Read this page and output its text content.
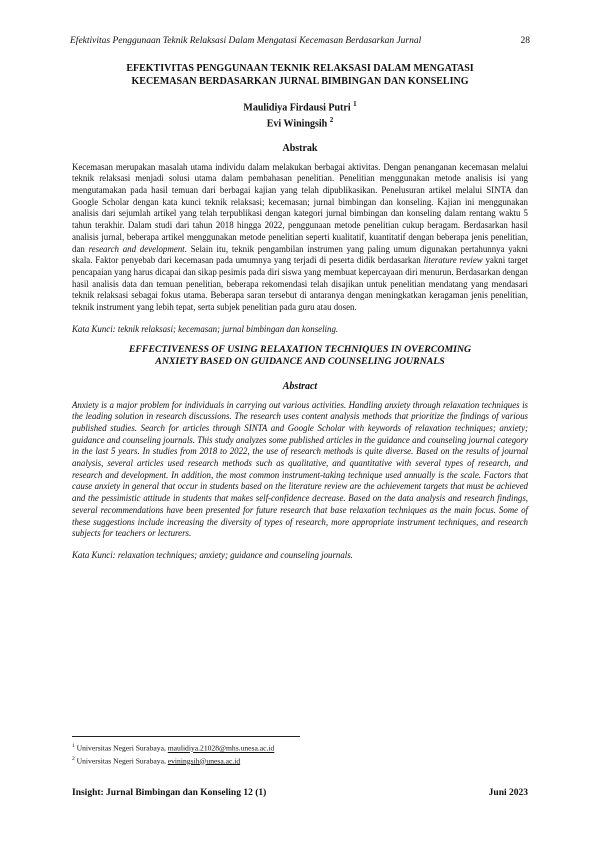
Efektivitas Penggunaan Teknik Relaksasi Dalam Mengatasi Kecemasan Berdasarkan Jurnal	28
EFEKTIVITAS PENGGUNAAN TEKNIK RELAKSASI DALAM MENGATASI
KECEMASAN BERDASARKAN JURNAL BIMBINGAN DAN KONSELING
Maulidiya Firdausi Putri $^1$
Evi Winingsih $^2$
Abstrak

Kecemasan merupakan masalah utama individu dalam melakukan berbagai aktivitas. Dengan penanganan kecemasan melalui teknik relaksasi menjadi solusi utama dalam pembahasan penelitian. Penelitian menggunakan metode analisis isi yang mengutamakan pada hasil temuan dari berbagai kajian yang telah dipublikasikan. Penelusuran artikel melalui SINTA dan Google Scholar dengan kata kunci teknik relaksasi; kecemasan; jurnal bimbingan dan konseling. Kajian ini menggunakan analisis dari sejumlah artikel yang telah terpublikasi dengan kategori jurnal bimbingan dan konseling dalam rentang waktu 5 tahun terakhir. Dalam studi dari tahun 2018 hingga 2022, penggunaan metode penelitian cukup beragam. Berdasarkan hasil analisis jurnal, beberapa artikel menggunakan metode penelitian seperti kualitatif, kuantitatif dengan beberapa jenis penelitian, dan research and development. Selain itu, teknik pengambilan instrumen yang paling umum digunakan pertahunnya yakni skala. Faktor penyebab dari kecemasan pada umumnya yang terjadi di peserta didik berdasarkan literature review yakni target pencapaian yang harus dicapai dan sikap pesimis pada diri siswa yang membuat kepercayaan diri menurun. Berdasarkan dengan hasil analisis data dan temuan penelitian, beberapa rekomendasi telah disajikan untuk penelitian mendatang yang mendasari teknik relaksasi sebagai fokus utama. Beberapa saran tersebut di antaranya dengan meningkatkan keragaman jenis penelitian, teknik instrument yang lebih tepat, serta subjek penelitian pada guru atau dosen.

Kata Kunci: teknik relaksasi; kecemasan; jurnal bimbingan dan konseling.

EFFECTIVENESS OF USING RELAXATION TECHNIQUES IN OVERCOMING
ANXIETY BASED ON GUIDANCE AND COUNSELING JOURNALS
Abstract

Anxiety is a major problem for individuals in carrying out various activities. Handling anxiety through relaxation techniques is the leading solution in research discussions. The research uses content analysis methods that prioritize the findings of various published studies. Search for articles through SINTA and Google Scholar with keywords of relaxation techniques; anxiety; guidance and counseling journals. This study analyzes some published articles in the guidance and counseling journal category in the last 5 years. In studies from 2018 to 2022, the use of research methods is quite diverse. Based on the results of journal analysis, several articles used research methods such as qualitative, and quantitative with several types of research, and research and development. In addition, the most common instrument-taking technique used annually is the scale. Factors that cause anxiety in general that occur in students based on the literature review are the achievement targets that must be achieved and the pessimistic attitude in students that makes self-confidence decrease. Based on the data analysis and research findings, several recommendations have been presented for future research that base relaxation techniques as the main focus. Some of these suggestions include increasing the diversity of types of research, more appropriate instrument techniques, and research subjects for teachers or lecturers.

Kata Kunci: relaxation techniques; anxiety; guidance and counseling journals.

$^1$ Universitas Negeri Surabaya, maulidiya.21028@mhs.unesa.ac.id
$^2$ Universitas Negeri Surabaya, eviningsih@unesa.ac.id
Insight: Jurnal Bimbingan dan Konseling 12 (1)	Juni 2023
